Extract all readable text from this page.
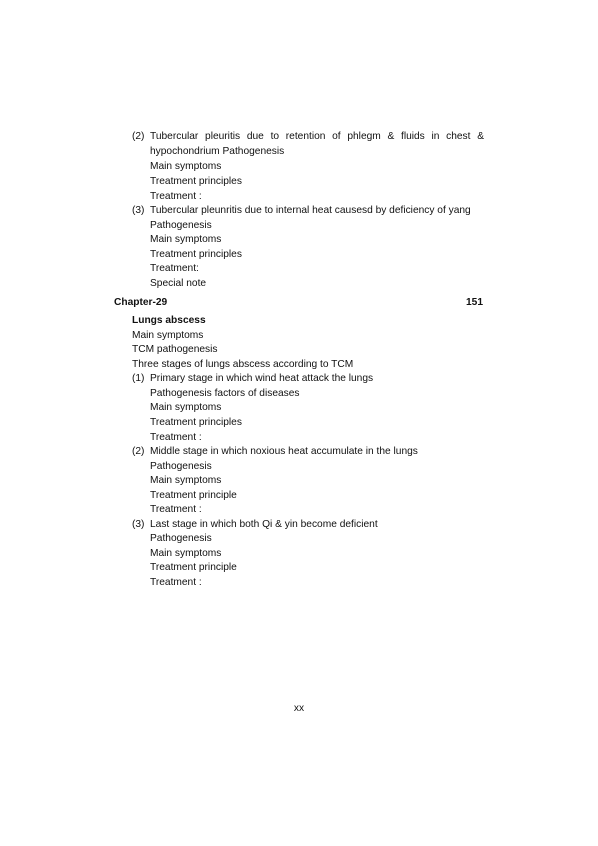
(2) Tubercular pleuritis due to retention of phlegm & fluids in chest &
hypochondrium Pathogenesis
Main symptoms
Treatment principles
Treatment :
(3) Tubercular pleunritis due to internal heat causesd by deficiency of yang
Pathogenesis
Main symptoms
Treatment principles
Treatment:
Special note
Chapter-29	151
Lungs abscess
Main symptoms
TCM pathogenesis
Three stages of lungs abscess according to TCM
(1) Primary stage in which wind heat attack the lungs
Pathogenesis factors of diseases
Main symptoms
Treatment principles
Treatment :
(2) Middle stage in which noxious heat accumulate in the lungs
Pathogenesis
Main symptoms
Treatment principle
Treatment :
(3) Last stage in which both Qi & yin become deficient
Pathogenesis
Main symptoms
Treatment principle
Treatment :
xx
